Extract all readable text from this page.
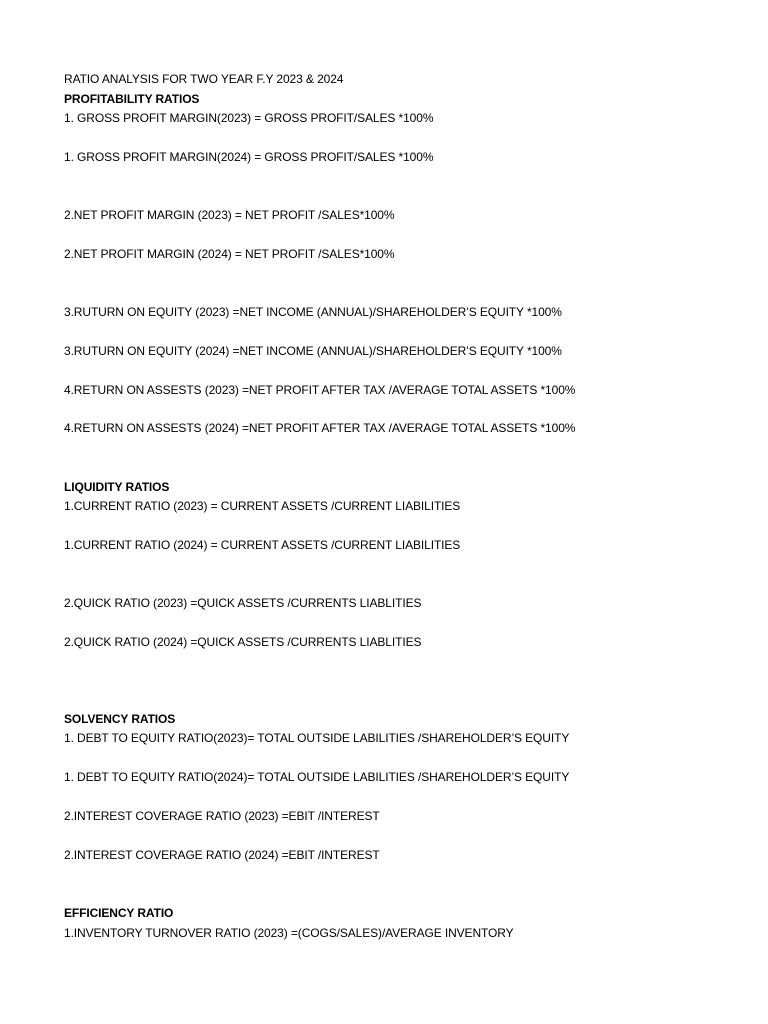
RATIO ANALYSIS FOR TWO YEAR F.Y 2023 & 2024
PROFITABILITY RATIOS
1. GROSS PROFIT MARGIN(2023) = GROSS PROFIT/SALES *100%
1. GROSS PROFIT MARGIN(2024) = GROSS PROFIT/SALES *100%
2.NET PROFIT MARGIN (2023) = NET PROFIT /SALES*100%
2.NET PROFIT MARGIN (2024) = NET PROFIT /SALES*100%
3.RUTURN ON EQUITY (2023) =NET INCOME (ANNUAL)/SHAREHOLDER’S EQUITY *100%
3.RUTURN ON EQUITY (2024) =NET INCOME (ANNUAL)/SHAREHOLDER’S EQUITY *100%
4.RETURN ON ASSESTS (2023) =NET PROFIT AFTER TAX /AVERAGE TOTAL ASSETS *100%
4.RETURN ON ASSESTS (2024) =NET PROFIT AFTER TAX /AVERAGE TOTAL ASSETS *100%
LIQUIDITY RATIOS
1.CURRENT RATIO (2023) = CURRENT ASSETS /CURRENT LIABILITIES
1.CURRENT RATIO (2024) = CURRENT ASSETS /CURRENT LIABILITIES
2.QUICK RATIO (2023) =QUICK ASSETS /CURRENTS LIABLITIES
2.QUICK RATIO (2024) =QUICK ASSETS /CURRENTS LIABLITIES
SOLVENCY RATIOS
1. DEBT TO EQUITY RATIO(2023)= TOTAL OUTSIDE LABILITIES /SHAREHOLDER’S EQUITY
1. DEBT TO EQUITY RATIO(2024)= TOTAL OUTSIDE LABILITIES /SHAREHOLDER’S EQUITY
2.INTEREST COVERAGE RATIO (2023) =EBIT /INTEREST
2.INTEREST COVERAGE RATIO (2024) =EBIT /INTEREST
EFFICIENCY RATIO
1.INVENTORY TURNOVER RATIO (2023) =(COGS/SALES)/AVERAGE INVENTORY
